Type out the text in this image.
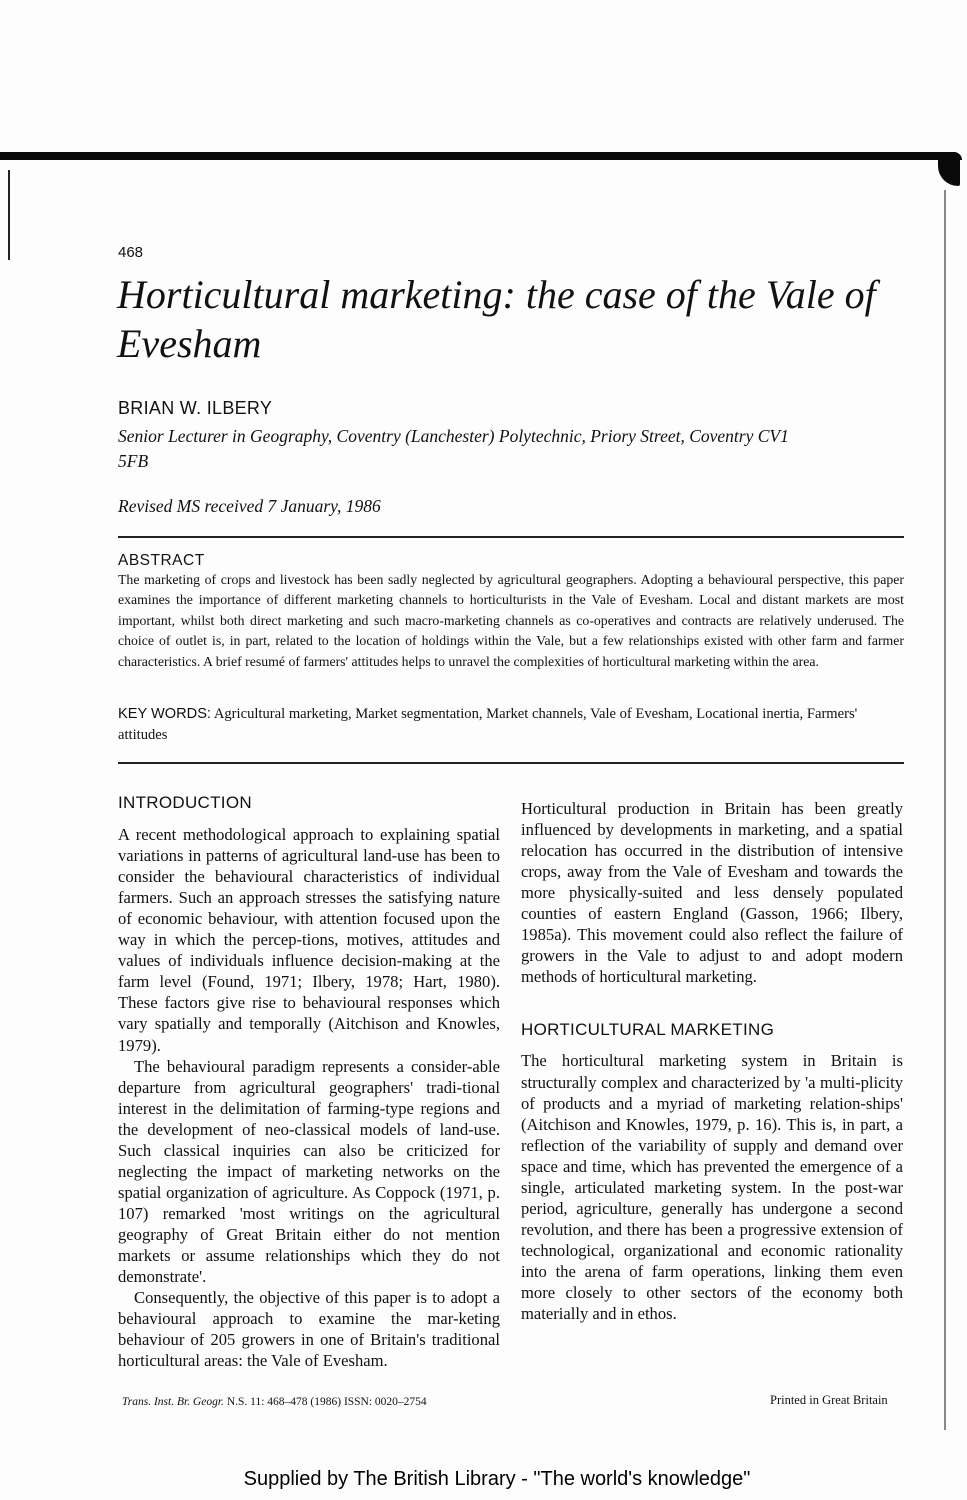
468
Horticultural marketing: the case of the Vale of Evesham
BRIAN W. ILBERY
Senior Lecturer in Geography, Coventry (Lanchester) Polytechnic, Priory Street, Coventry CV1 5FB
Revised MS received 7 January, 1986
ABSTRACT
The marketing of crops and livestock has been sadly neglected by agricultural geographers. Adopting a behavioural perspective, this paper examines the importance of different marketing channels to horticulturists in the Vale of Evesham. Local and distant markets are most important, whilst both direct marketing and such macro-marketing channels as co-operatives and contracts are relatively underused. The choice of outlet is, in part, related to the location of holdings within the Vale, but a few relationships existed with other farm and farmer characteristics. A brief resumé of farmers' attitudes helps to unravel the complexities of horticultural marketing within the area.
KEY WORDS: Agricultural marketing, Market segmentation, Market channels, Vale of Evesham, Locational inertia, Farmers' attitudes
INTRODUCTION

A recent methodological approach to explaining spatial variations in patterns of agricultural land-use has been to consider the behavioural characteristics of individual farmers. Such an approach stresses the satisfying nature of economic behaviour, with attention focused upon the way in which the percep-tions, motives, attitudes and values of individuals influence decision-making at the farm level (Found, 1971; Ilbery, 1978; Hart, 1980). These factors give rise to behavioural responses which vary spatially and temporally (Aitchison and Knowles, 1979).

The behavioural paradigm represents a consider-able departure from agricultural geographers' tradi-tional interest in the delimitation of farming-type regions and the development of neo-classical models of land-use. Such classical inquiries can also be criticized for neglecting the impact of marketing networks on the spatial organization of agriculture. As Coppock (1971, p. 107) remarked 'most writings on the agricultural geography of Great Britain either do not mention markets or assume relationships which they do not demonstrate'.

Consequently, the objective of this paper is to adopt a behavioural approach to examine the mar-keting behaviour of 205 growers in one of Britain's traditional horticultural areas: the Vale of Evesham.

Horticultural production in Britain has been greatly influenced by developments in marketing, and a spatial relocation has occurred in the distribution of intensive crops, away from the Vale of Evesham and towards the more physically-suited and less densely populated counties of eastern England (Gasson, 1966; Ilbery, 1985a). This movement could also reflect the failure of growers in the Vale to adjust to and adopt modern methods of horticultural marketing.

HORTICULTURAL MARKETING

The horticultural marketing system in Britain is structurally complex and characterized by 'a multi-plicity of products and a myriad of marketing relation-ships' (Aitchison and Knowles, 1979, p. 16). This is, in part, a reflection of the variability of supply and demand over space and time, which has prevented the emergence of a single, articulated marketing system. In the post-war period, agriculture, generally has undergone a second revolution, and there has been a progressive extension of technological, organizational and economic rationality into the arena of farm operations, linking them even more closely to other sectors of the economy both materially and in ethos.

Trans. Inst. Br. Geogr. N.S. 11: 468–478 (1986) ISSN: 0020–2754	Printed in Great Britain
Supplied by The British Library - "The world's knowledge"
